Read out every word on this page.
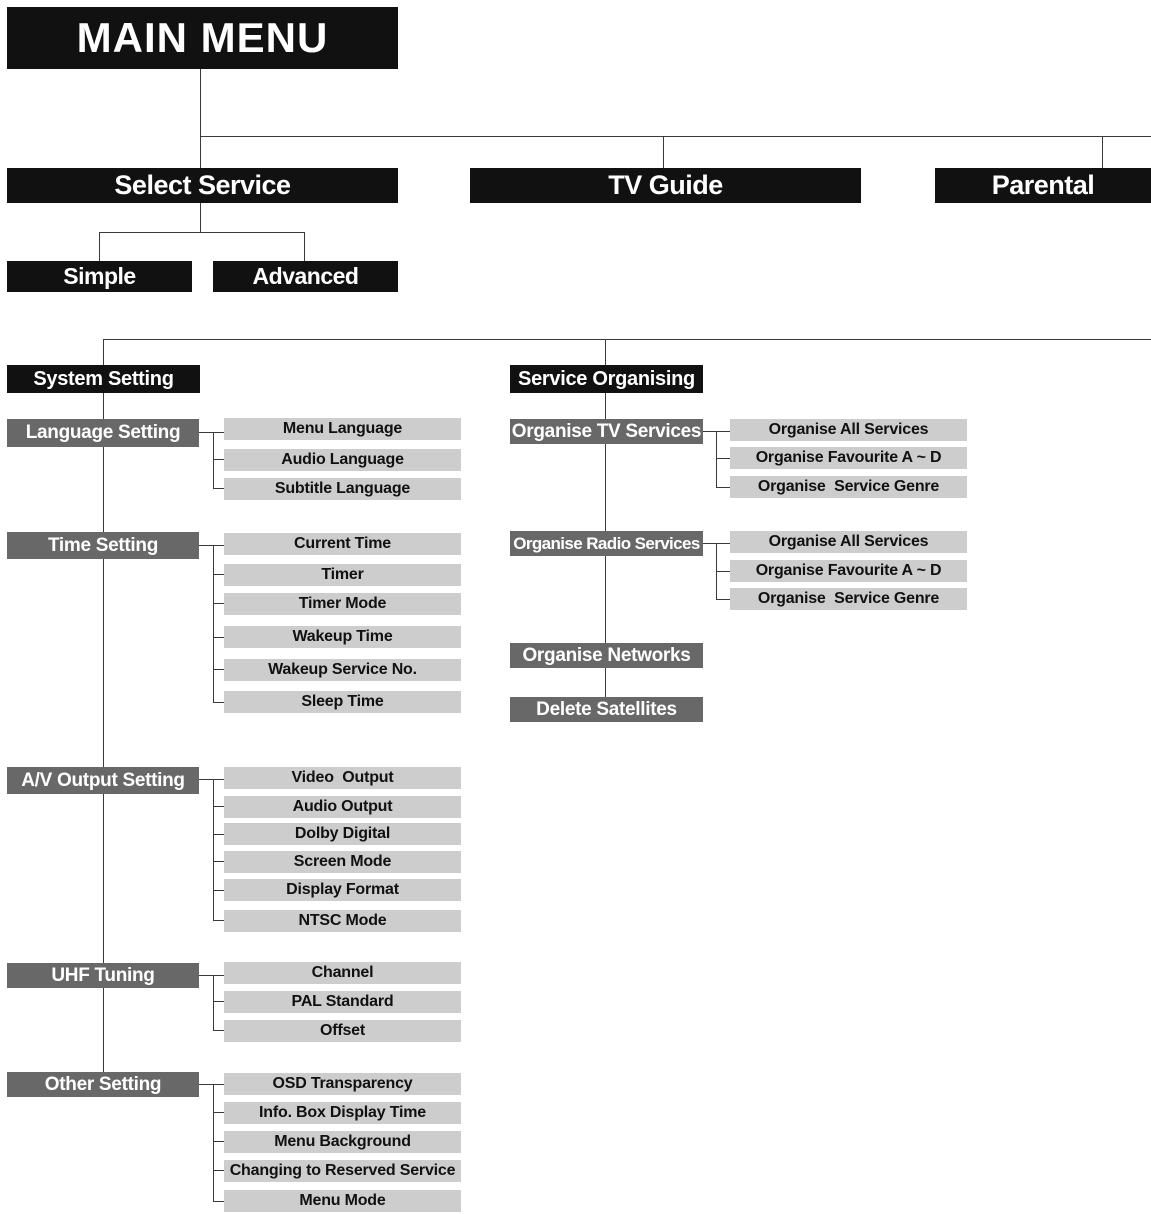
MAIN MENU
Select Service	TV Guide	Parental
Simple	Advanced
System Setting
Language Setting	Menu Language
Audio Language
Subtitle Language
Time Setting	Current Time
Timer
Timer Mode
Wakeup Time
Wakeup Service No.
Sleep Time
A/V Output Setting	Video  Output
Audio Output
Dolby Digital
Screen Mode
Display Format
NTSC Mode
UHF Tuning	Channel
PAL Standard
Offset
Other Setting	OSD Transparency
Info. Box Display Time
Menu Background
Changing to Reserved Service
Menu Mode
Service Organising
Organise TV Services	Organise All Services
Organise Favourite A ~ D
Organise  Service Genre
Organise Radio Services	Organise All Services
Organise Favourite A ~ D
Organise  Service Genre
Organise Networks
Delete Satellites
